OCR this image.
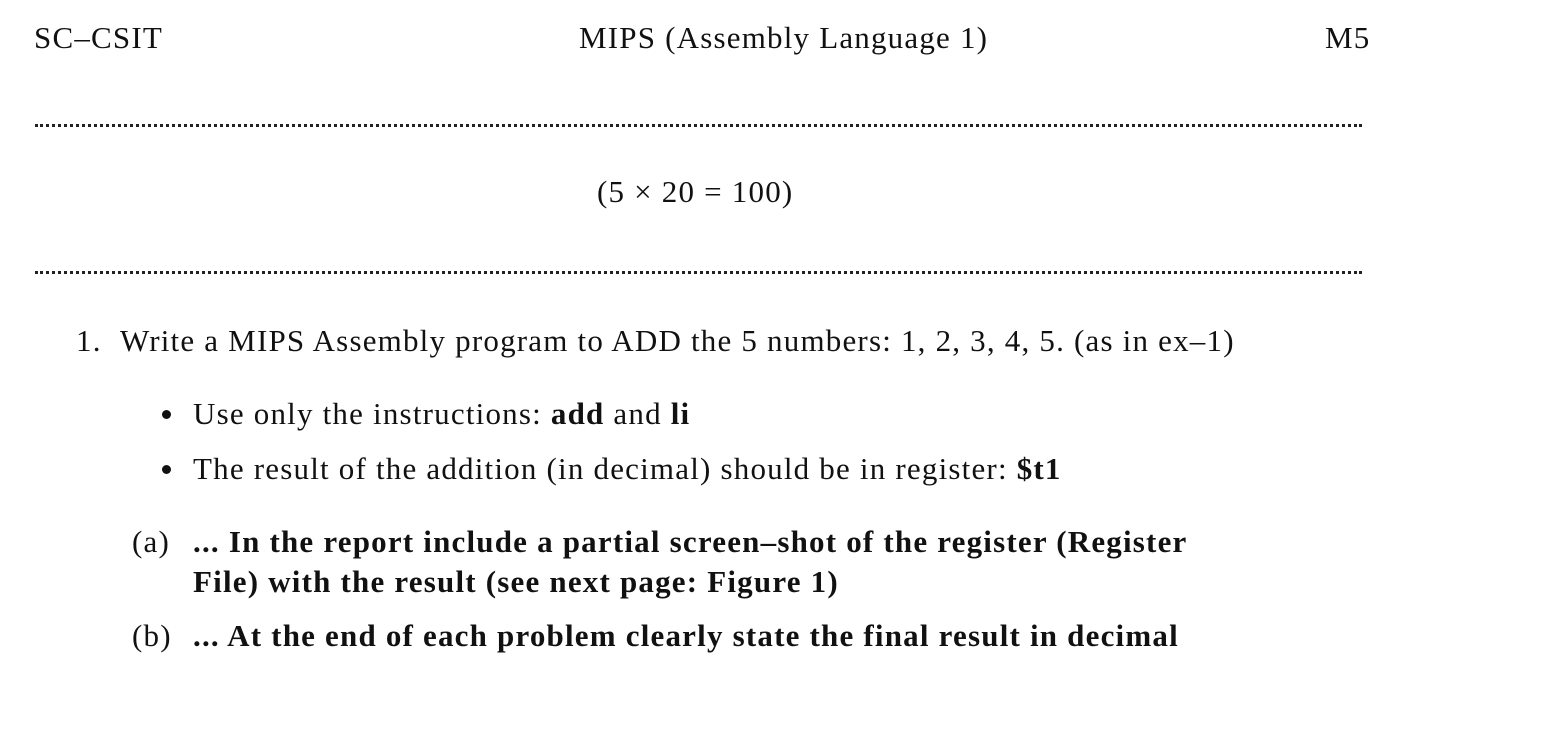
SC–CSIT	MIPS (Assembly Language 1)	M5
(5 × 20 = 100)
1. Write a MIPS Assembly program to ADD the 5 numbers: 1, 2, 3, 4, 5. (as in ex–1)
Use only the instructions: add and li
The result of the addition (in decimal) should be in register: $t1
(a) ... In the report include a partial screen–shot of the register (Register
File) with the result (see next page: Figure 1)
(b) ... At the end of each problem clearly state the final result in decimal
